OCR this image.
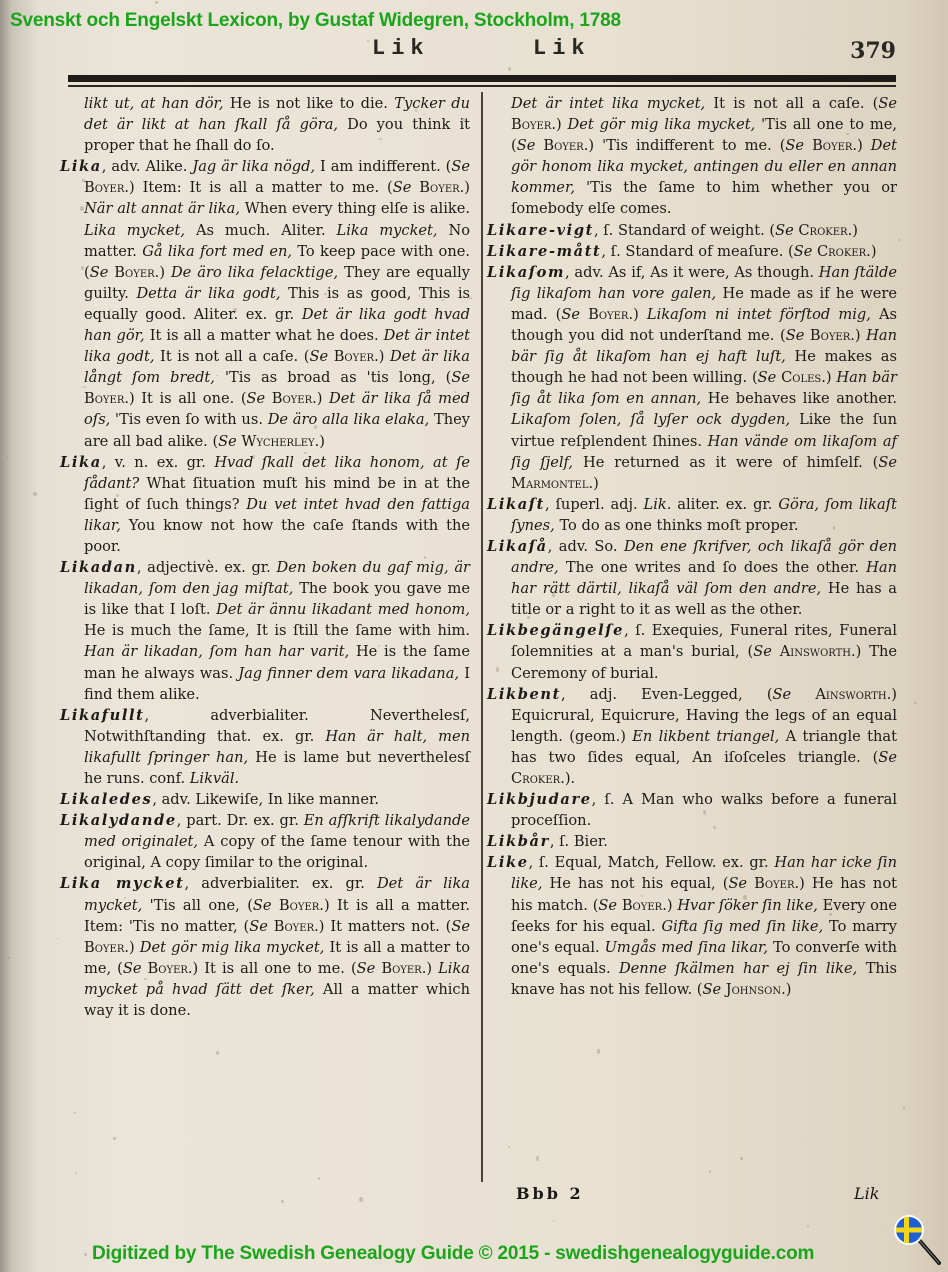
Svenskt och Engelskt Lexicon, by Gustaf Widegren, Stockholm, 1788
Lik	Lik	379

likt ut, at han dör, He is not like to die. Tycker du det är likt at han ſkall ſå göra, Do you think it proper that he ſhall do ſo.

Lika, adv. Alike. Jag är lika nögd, I am indifferent. (Se Boyer.) Item: It is all a matter to me. (Se Boyer.) När alt annat är lika, When every thing elſe is alike. Lika mycket, As much. Aliter. Lika mycket, No matter. Gå lika fort med en, To keep pace with one. (Se Boyer.) De äro lika felacktige, They are equally guilty. Detta är lika godt, This is as good, This is equally good. Aliter. ex. gr. Det är lika godt hvad han gör, It is all a matter what he does. Det är intet lika godt, It is not all a caſe. (Se Boyer.) Det är lika långt ſom bredt, 'Tis as broad as 'tis long, (Se Boyer.) It is all one. (Se Boyer.) Det är lika ſå med oſs, 'Tis even ſo with us. De äro alla lika elaka, They are all bad alike. (Se Wycherley.)

Lika, v. n. ex. gr. Hvad ſkall det lika honom, at ſe ſådant? What ſituation muſt his mind be in at the ſight of ſuch things? Du vet intet hvad den fattiga likar, You know not how the caſe ſtands with the poor.

Likadan, adjectivè. ex. gr. Den boken du gaf mig, är likadan, ſom den jag miſtat, The book you gave me is like that I loſt. Det är ännu likadant med honom, He is much the ſame, It is ſtill the ſame with him. Han är likadan, ſom han har varit, He is the ſame man he always was. Jag finner dem vara likadana, I find them alike.

Likafullt, adverbialiter. Neverthelesſ, Notwithſtanding that. ex. gr. Han är halt, men likafullt ſpringer han, He is lame but neverthelesſ he runs. conf. Likväl.

Likaledes, adv. Likewiſe, In like manner.

Likalydande, part. Dr. ex. gr. En afſkrift likalydande med originalet, A copy of the ſame tenour with the original, A copy ſimilar to the original.

Lika mycket, adverbialiter. ex. gr. Det är lika mycket, 'Tis all one, (Se Boyer.) It is all a matter. Item: 'Tis no matter, (Se Boyer.) It matters not. (Se Boyer.) Det gör mig lika mycket, It is all a matter to me, (Se Boyer.) It is all one to me. (Se Boyer.) Lika mycket på hvad ſätt det ſker, All a matter which way it is done.

Det är intet lika mycket, It is not all a caſe. (Se Boyer.) Det gör mig lika mycket, 'Tis all one to me, (Se Boyer.) 'Tis indifferent to me. (Se Boyer.) Det gör honom lika mycket, antingen du eller en annan kommer, 'Tis the ſame to him whether you or ſomebody elſe comes.

Likare-vigt, ſ. Standard of weight. (Se Croker.)

Likare-mått, ſ. Standard of meaſure. (Se Croker.)

Likaſom, adv. As if, As it were, As though. Han ſtälde ſig likaſom han vore galen, He made as if he were mad. (Se Boyer.) Likaſom ni intet förſtod mig, As though you did not underſtand me. (Se Boyer.) Han bär ſig åt likaſom han ej haft luſt, He makes as though he had not been willing. (Se Coles.) Han bär ſig åt lika ſom en annan, He behaves like another. Likaſom ſolen, ſå lyſer ock dygden, Like the ſun virtue reſplendent ſhines. Han vände om likaſom af ſig ſjelf, He returned as it were of himſelf. (Se Marmontel.)

Likaſt, ſuperl. adj. Lik. aliter. ex. gr. Göra, ſom likaſt ſynes, To do as one thinks moſt proper.

Likaſå, adv. So. Den ene ſkrifver, och likaſå gör den andre, The one writes and ſo does the other. Han har rätt därtil, likaſå väl ſom den andre, He has a title or a right to it as well as the other.

Likbegängelſe, ſ. Exequies, Funeral rites, Funeral ſolemnities at a man's burial, (Se Ainsworth.) The Ceremony of burial.

Likbent, adj. Even-Legged, (Se Ainsworth.) Equicrural, Equicrure, Having the legs of an equal length. (geom.) En likbent triangel, A triangle that has two ſides equal, An iſoſceles triangle. (Se Croker.).

Likbjudare, ſ. A Man who walks before a funeral proceſſion.

Likbår, ſ. Bier.

Like, ſ. Equal, Match, Fellow. ex. gr. Han har icke ſin like, He has not his equal, (Se Boyer.) He has not his match. (Se Boyer.) Hvar ſöker ſin like, Every one ſeeks for his equal. Gifta ſig med ſin like, To marry one's equal. Umgås med ſina likar, To converſe with one's equals. Denne ſkälmen har ej ſin like, This knave has not his fellow. (Se Johnson.)

Bbb 2	Lik
Digitized by The Swedish Genealogy Guide © 2015 - swedishgenealogyguide.com
